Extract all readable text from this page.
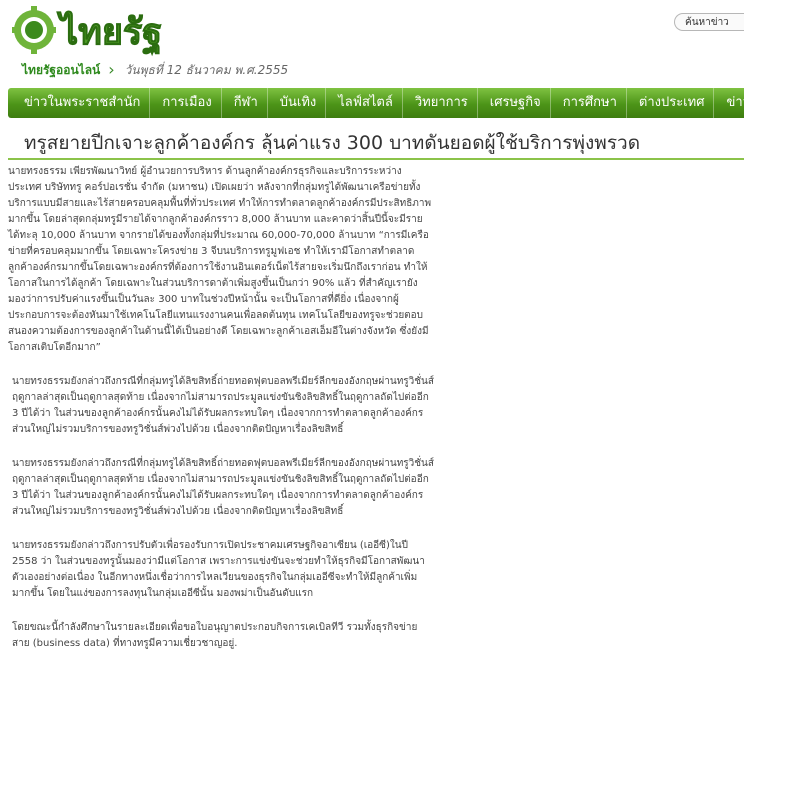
ไทยรัฐ	ค้นหาข่าว
ไทยรัฐออนไลน์ › วันพุธที่ 12 ธันวาคม พ.ศ.2555
ข่าวในพระราชสำนัก	การเมือง	กีฬา	บันเทิง	ไลฟ์สไตล์	วิทยาการ	เศรษฐกิจ	การศึกษา	ต่างประเทศ	ข่าวทั่วไป
ทรูสยายปีกเจาะลูกค้าองค์กร ลุ้นค่าแรง 300 บาทดันยอดผู้ใช้บริการพุ่งพรวด

นายทรงธรรม เพียรพัฒนาวิทย์ ผู้อำนวยการบริหาร ด้านลูกค้าองค์กรธุรกิจและบริการระหว่างประเทศ บริษัททรู คอร์ปอเรชั่น จำกัด (มหาชน) เปิดเผยว่า หลังจากที่กลุ่มทรูได้พัฒนาเครือข่ายทั้งบริการแบบมีสายและไร้สายครอบคลุมพื้นที่ทั่วประเทศ ทำให้การทำตลาดลูกค้าองค์กรมีประสิทธิภาพมากขึ้น โดยล่าสุดกลุ่มทรูมีรายได้จากลูกค้าองค์กรราว 8,000 ล้านบาท และคาดว่าสิ้นปีนี้จะมีรายได้ทะลุ 10,000 ล้านบาท จากรายได้ของทั้งกลุ่มที่ประมาณ 60,000-70,000 ล้านบาท “การมีเครือข่ายที่ครอบคลุมมากขึ้น โดยเฉพาะโครงข่าย 3 จีบนบริการทรูมูฟเอช ทำให้เรามีโอกาสทำตลาดลูกค้าองค์กรมากขึ้นโดยเฉพาะองค์กรที่ต้องการใช้งานอินเตอร์เน็ตไร้สายจะเริ่มนึกถึงเราก่อน ทำให้โอกาสในการได้ลูกค้า โดยเฉพาะในส่วนบริการดาต้าเพิ่มสูงขึ้นเป็นกว่า 90% แล้ว ที่สำคัญเรายังมองว่าการปรับค่าแรงขึ้นเป็นวันละ 300 บาทในช่วงปีหน้านั้น จะเป็นโอกาสที่ดียิ่ง เนื่องจากผู้ประกอบการจะต้องหันมาใช้เทคโนโลยีแทนแรงงานคนเพื่อลดต้นทุน เทคโนโลยีของทรูจะช่วยตอบสนองความต้องการของลูกค้าในด้านนี้ได้เป็นอย่างดี โดยเฉพาะลูกค้าเอสเอ็มอีในต่างจังหวัด ซึ่งยังมีโอกาสเติบโตอีกมาก”

นายทรงธรรมยังกล่าวถึงกรณีที่กลุ่มทรูได้ลิขสิทธิ์ถ่ายทอดฟุตบอลพรีเมียร์ลีกของอังกฤษผ่านทรูวิชั่นส์ ฤดูกาลล่าสุดเป็นฤดูกาลสุดท้าย เนื่องจากไม่สามารถประมูลแข่งขันชิงลิขสิทธิ์ในฤดูกาลถัดไปต่ออีก 3 ปีได้ว่า ในส่วนของลูกค้าองค์กรนั้นคงไม่ได้รับผลกระทบใดๆ เนื่องจากการทำตลาดลูกค้าองค์กรส่วนใหญ่ไม่รวมบริการของทรูวิชั่นส์พ่วงไปด้วย เนื่องจากติดปัญหาเรื่องลิขสิทธิ์

นายทรงธรรมยังกล่าวถึงกรณีที่กลุ่มทรูได้ลิขสิทธิ์ถ่ายทอดฟุตบอลพรีเมียร์ลีกของอังกฤษผ่านทรูวิชั่นส์ ฤดูกาลล่าสุดเป็นฤดูกาลสุดท้าย เนื่องจากไม่สามารถประมูลแข่งขันชิงลิขสิทธิ์ในฤดูกาลถัดไปต่ออีก 3 ปีได้ว่า ในส่วนของลูกค้าองค์กรนั้นคงไม่ได้รับผลกระทบใดๆ เนื่องจากการทำตลาดลูกค้าองค์กรส่วนใหญ่ไม่รวมบริการของทรูวิชั่นส์พ่วงไปด้วย เนื่องจากติดปัญหาเรื่องลิขสิทธิ์

นายทรงธรรมยังกล่าวถึงการปรับตัวเพื่อรองรับการเปิดประชาคมเศรษฐกิจอาเซียน (เออีซี)ในปี 2558 ว่า ในส่วนของทรูนั้นมองว่ามีแต่โอกาส เพราะการแข่งขันจะช่วยทำให้ธุรกิจมีโอกาสพัฒนาตัวเองอย่างต่อเนื่อง ในอีกทางหนึ่งเชื่อว่าการไหลเวียนของธุรกิจในกลุ่มเออีซีจะทำให้มีลูกค้าเพิ่มมากขึ้น โดยในแง่ของการลงทุนในกลุ่มเออีซีนั้น มองพม่าเป็นอันดับแรก

โดยขณะนี้กำลังศึกษาในรายละเอียดเพื่อขอใบอนุญาตประกอบกิจการเคเบิลทีวี รวมทั้งธุรกิจข่ายสาย (business data) ที่ทางทรูมีความเชี่ยวชาญอยู่.
